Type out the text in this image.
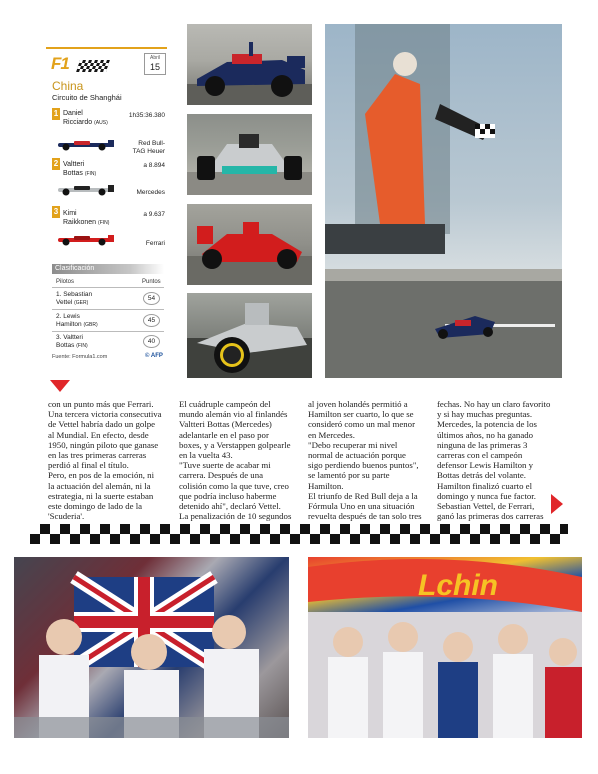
F1	Abril
15
China
Circuito de Shanghái
1 Daniel
Ricciardo (AUS)
1h35:36.380
Red Bull-
TAG Heuer
2 Valtteri
Bottas (FIN)
a 8.894
Mercedes
3 Kimi
Raikkonen (FIN)
a 9.637
Ferrari
Clasificación
Pilotos	Puntos
1. Sebastian
Vettel (GER)
54
2. Lewis
Hamilton (GBR)
45
3. Valtteri
Bottas (FIN)
40
Fuente: Formula1.com	© AFP
con un punto más que Ferrari.
Una tercera victoria consecutiva
de Vettel habría dado un golpe
al Mundial. En efecto, desde
1950, ningún piloto que ganase
en las tres primeras carreras
perdió al final el título.
Pero, en pos de la emoción, ni
la actuación del alemán, ni la
estrategia, ni la suerte estaban
este domingo de lado de la
'Scuderia'.
El cuádruple campeón del
mundo alemán vio al finlandés
Valtteri Bottas (Mercedes)
adelantarle en el paso por
boxes, y a Verstappen golpearle
en la vuelta 43.
"Tuve suerte de acabar mi
carrera. Después de una
colisión como la que tuve, creo
que podría incluso haberme
detenido ahí", declaró Vettel.
La penalización de 10 segundos
al joven holandés permitió a
Hamilton ser cuarto, lo que se
consideró como un mal menor
en Mercedes.
"Debo recuperar mi nivel
normal de actuación porque
sigo perdiendo buenos puntos",
se lamentó por su parte
Hamilton.
El triunfo de Red Bull deja a la
Fórmula Uno en una situación
revuelta después de tan solo tres
fechas. No hay un claro favorito
y si hay muchas preguntas.
Mercedes, la potencia de los
últimos años, no ha ganado
ninguna de las primeras 3
carreras con el campeón
defensor Lewis Hamilton y
Bottas detrás del volante.
Hamilton finalizó cuarto el
domingo y nunca fue factor.
Sebastian Vettel, de Ferrari,
ganó las primeras dos carreras
Lchin
